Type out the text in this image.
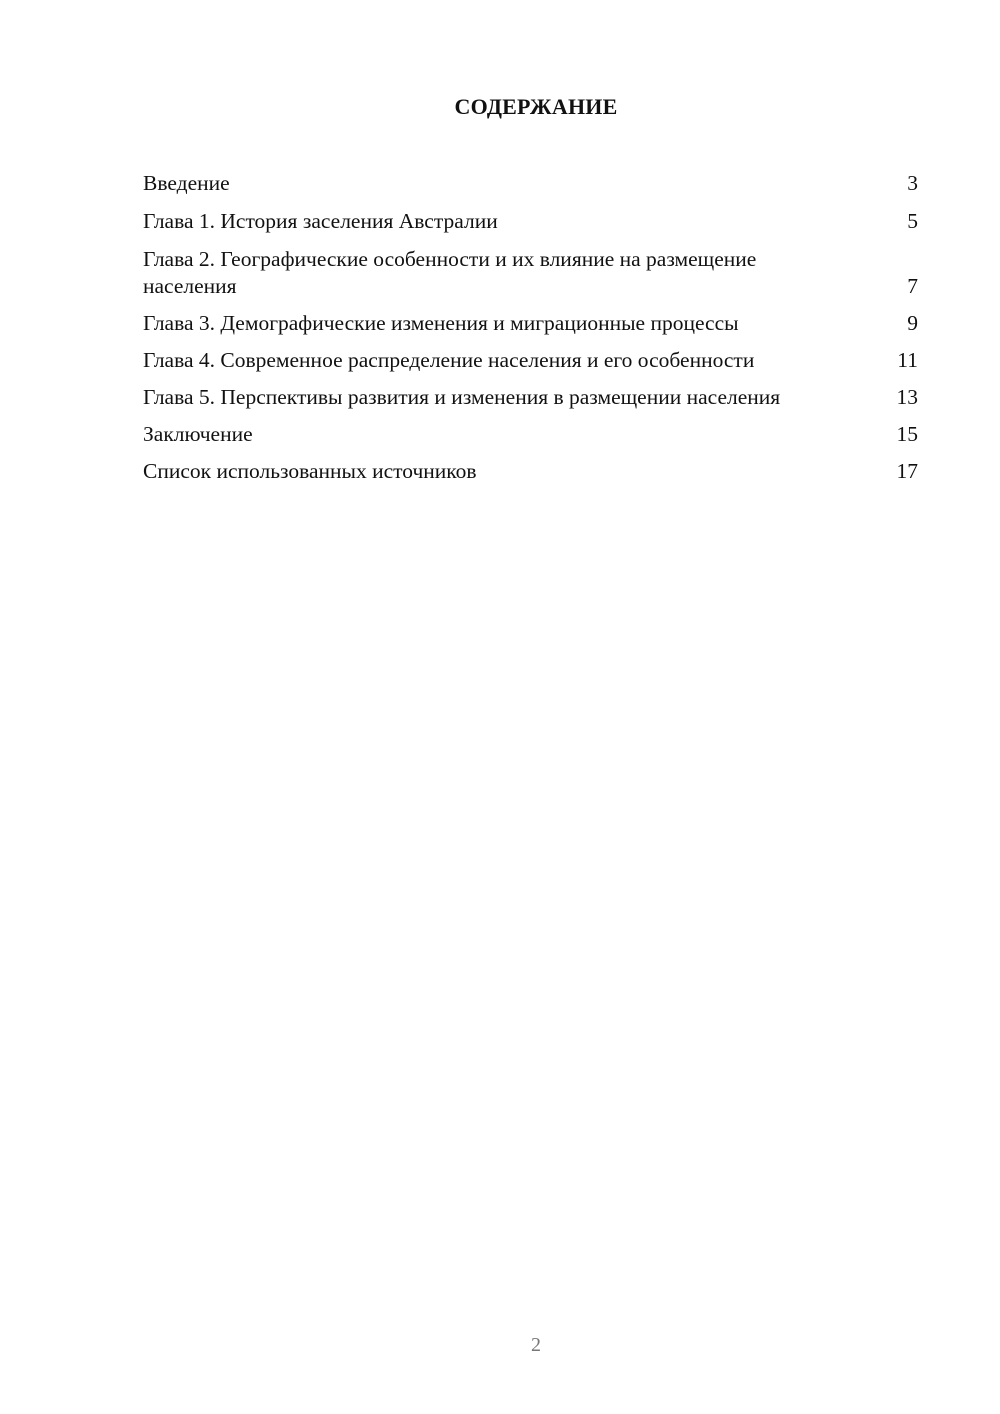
СОДЕРЖАНИЕ
Введение	3
Глава 1. История заселения Австралии	5
Глава 2. Географические особенности и их влияние на размещение населения	7
Глава 3. Демографические изменения и миграционные процессы	9
Глава 4. Современное распределение населения и его особенности	11
Глава 5. Перспективы развития и изменения в размещении населения	13
Заключение	15
Список использованных источников	17
2
